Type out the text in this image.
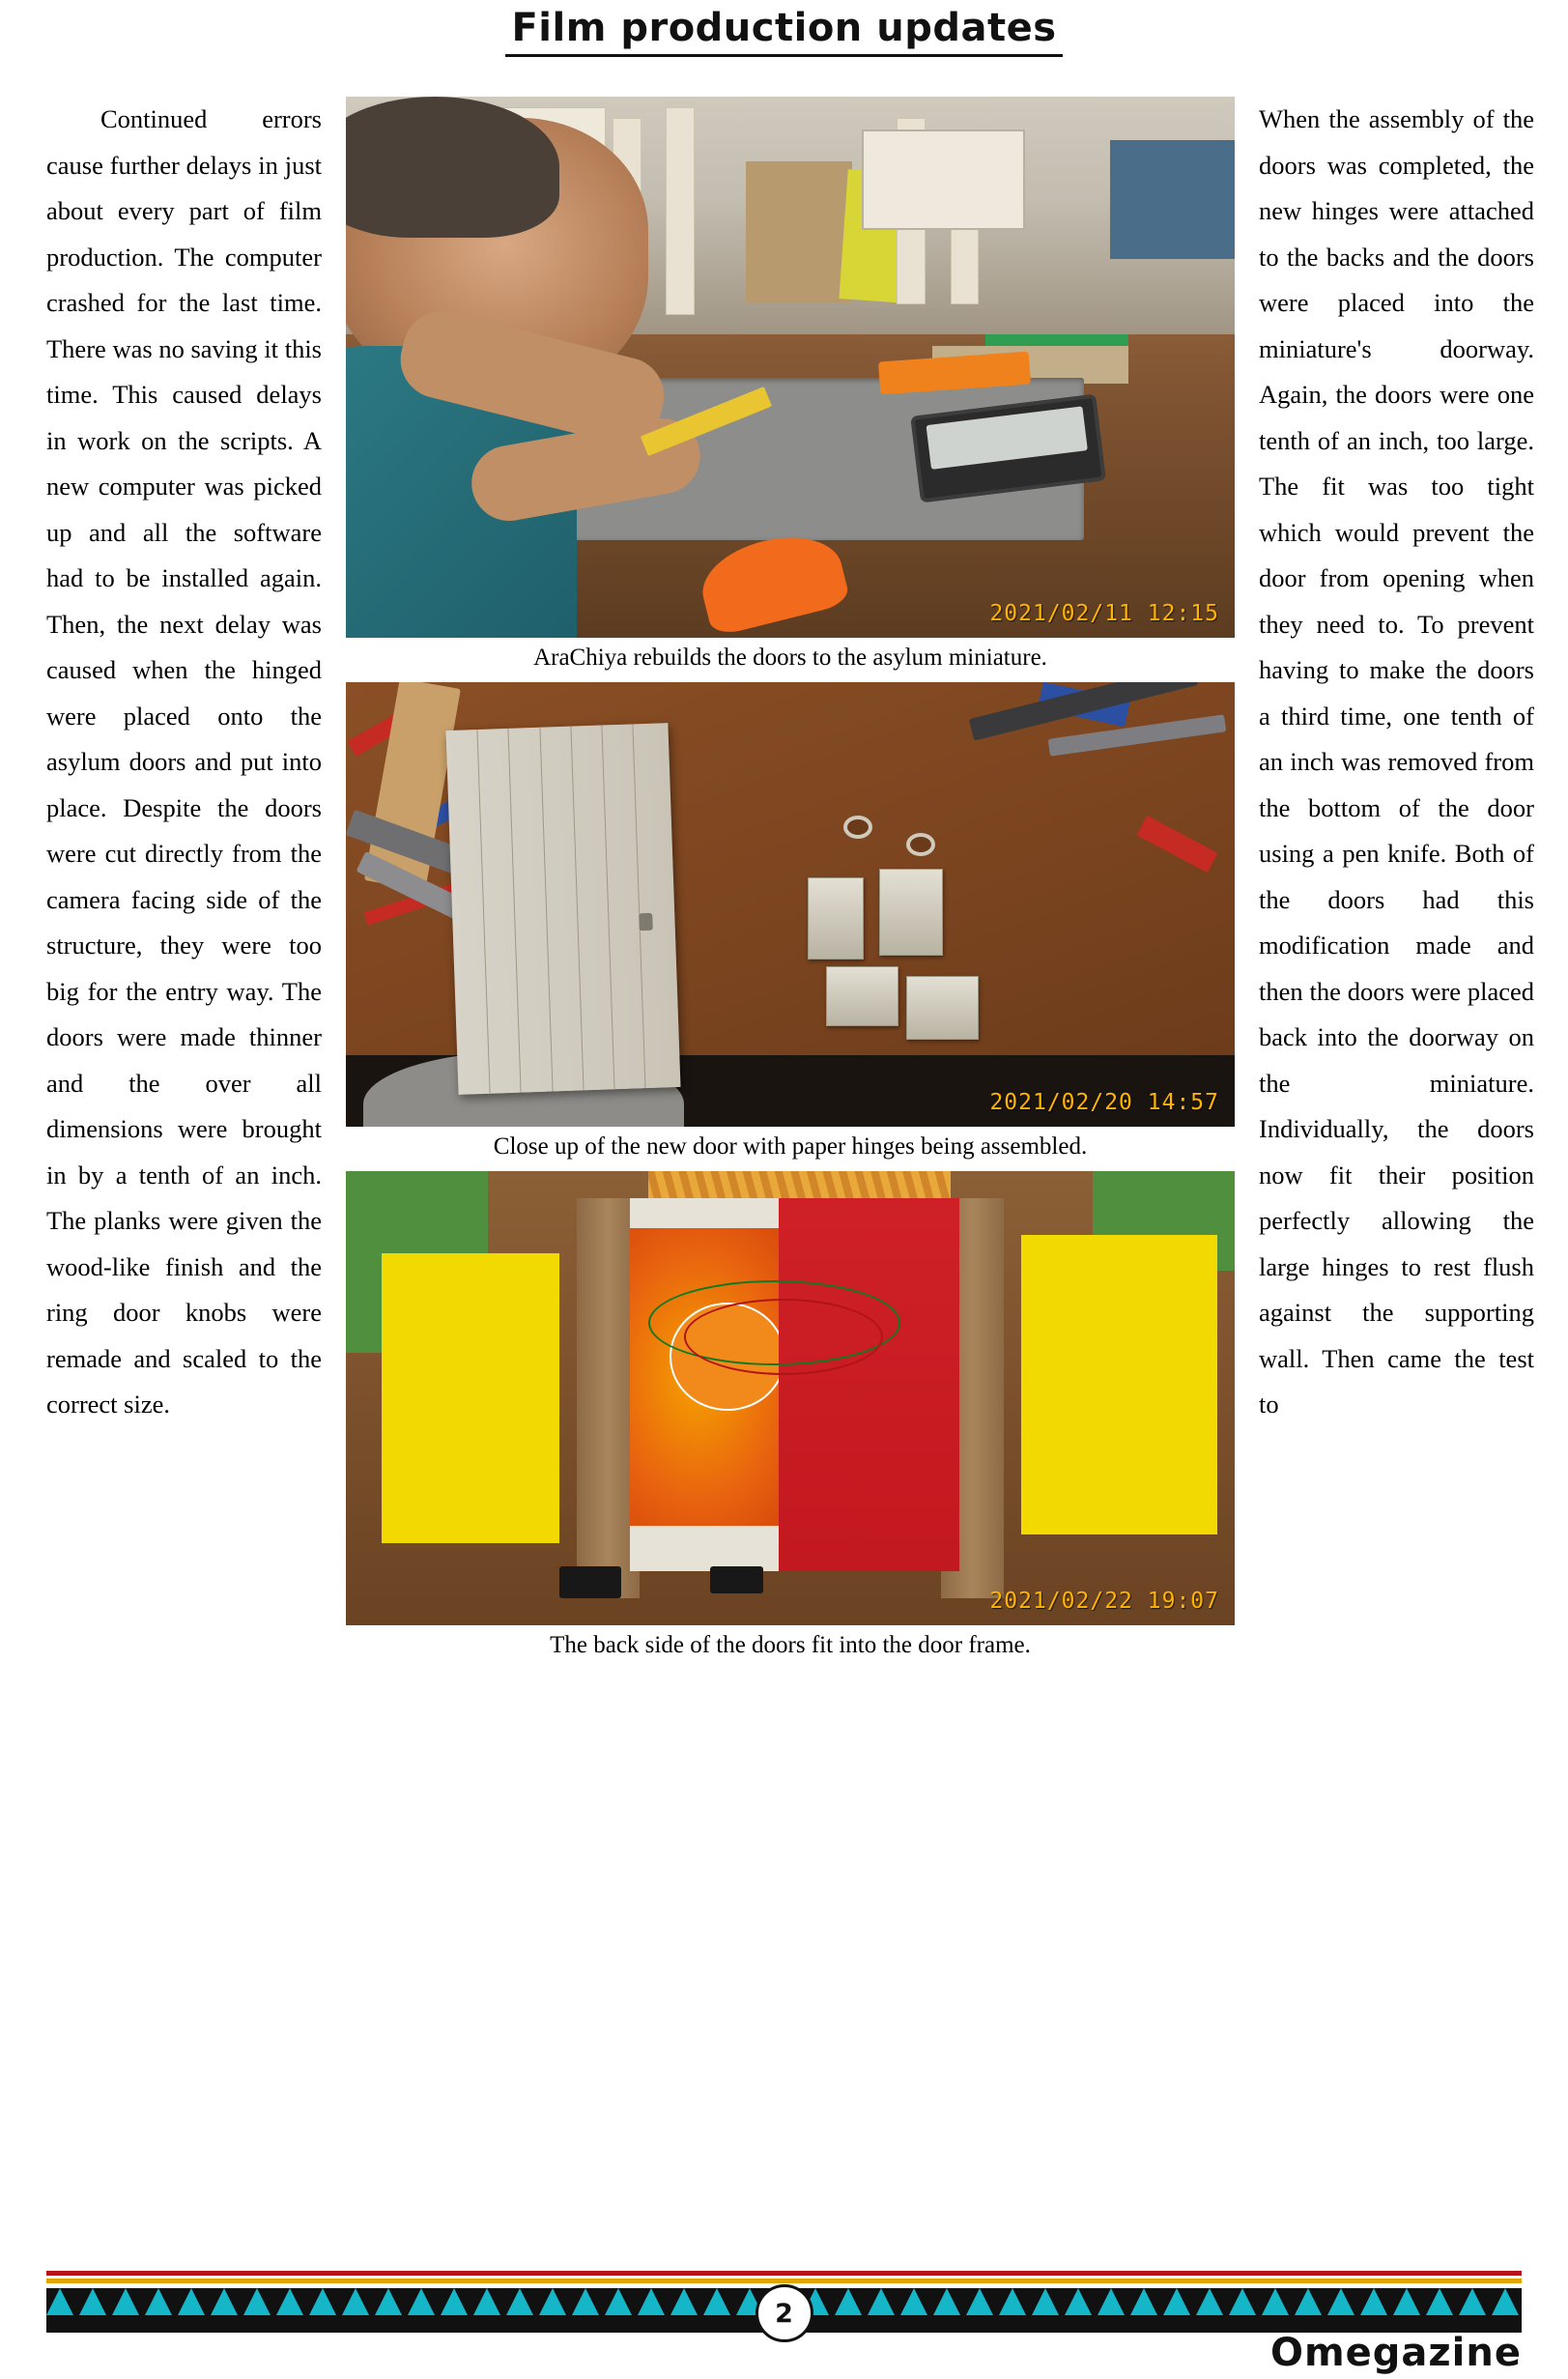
Film production updates

Continued errors cause further delays in just about every part of film production. The computer crashed for the last time. There was no saving it this time. This caused delays in work on the scripts. A new computer was picked up and all the software had to be installed again. Then, the next delay was caused when the hinged were placed onto the asylum doors and put into place. Despite the doors were cut directly from the camera facing side of the structure, they were too big for the entry way. The doors were made thinner and the over all dimensions were brought in by a tenth of an inch. The planks were given the wood-like finish and the ring door knobs were remade and scaled to the correct size.

2021/02/11 12:15
AraChiya rebuilds the doors to the asylum miniature.
2021/02/20 14:57
Close up of the new door with paper hinges being assembled.
2021/02/22 19:07
The back side of the doors fit into the door frame.

When the assembly of the doors was completed, the new hinges were attached to the backs and the doors were placed into the miniature's doorway. Again, the doors were one tenth of an inch, too large. The fit was too tight which would prevent the door from opening when they need to. To prevent having to make the doors a third time, one tenth of an inch was removed from the bottom of the door using a pen knife. Both of the doors had this modification made and then the doors were placed back into the doorway on the miniature. Individually, the doors now fit their position perfectly allowing the large hinges to rest flush against the supporting wall. Then came the test to

2
Omegazine
